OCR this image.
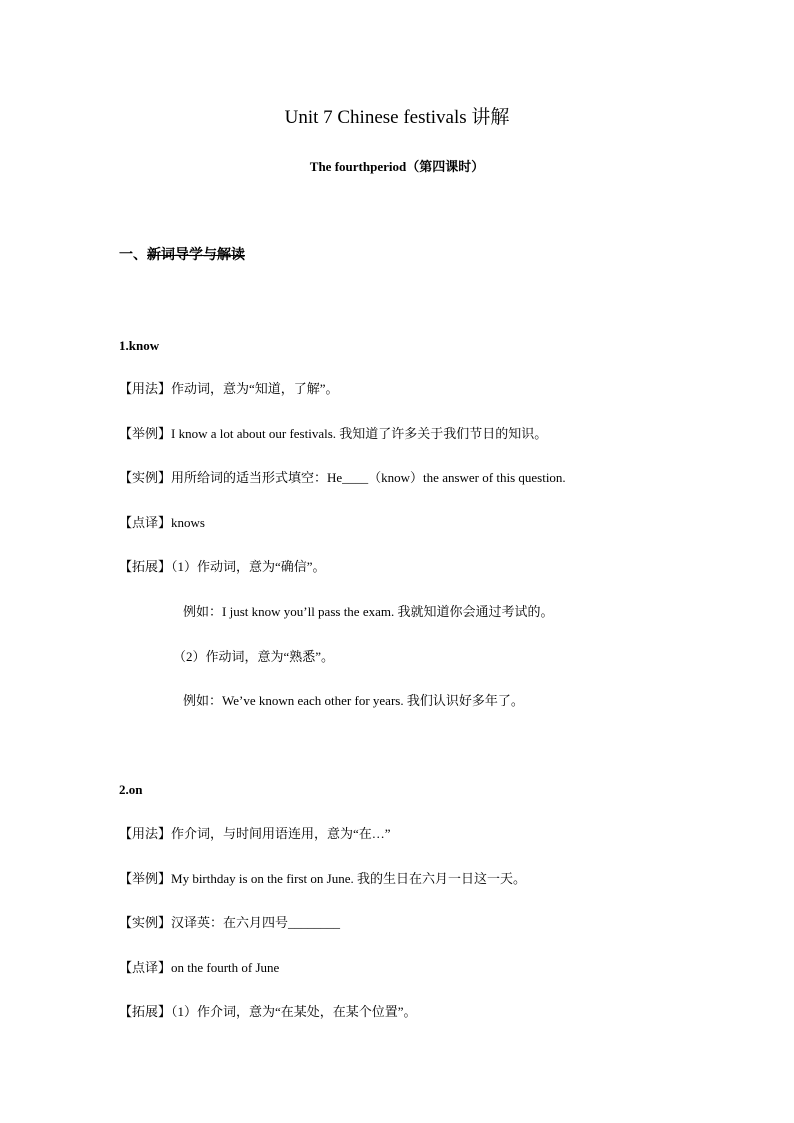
Unit 7 Chinese festivals 讲解
The fourthperiod（第四课时）
一、新词导学与解读
1.know
【用法】作动词，意为“知道，了解”。
【举例】I know a lot about our festivals. 我知道了许多关于我们节日的知识。
【实例】用所给词的适当形式填空：He____（know）the answer of this question.
【点译】knows
【拓展】（1）作动词，意为“确信”。
例如：I just know you’ll pass the exam. 我就知道你会通过考试的。
（2）作动词，意为“熟悉”。
例如：We’ve known each other for years. 我们认识好多年了。
2.on
【用法】作介词，与时间用语连用，意为“在…”
【举例】My birthday is on the first on June. 我的生日在六月一日这一天。
【实例】汉译英：在六月四号________
【点译】on the fourth of June
【拓展】（1）作介词，意为“在某处，在某个位置”。
